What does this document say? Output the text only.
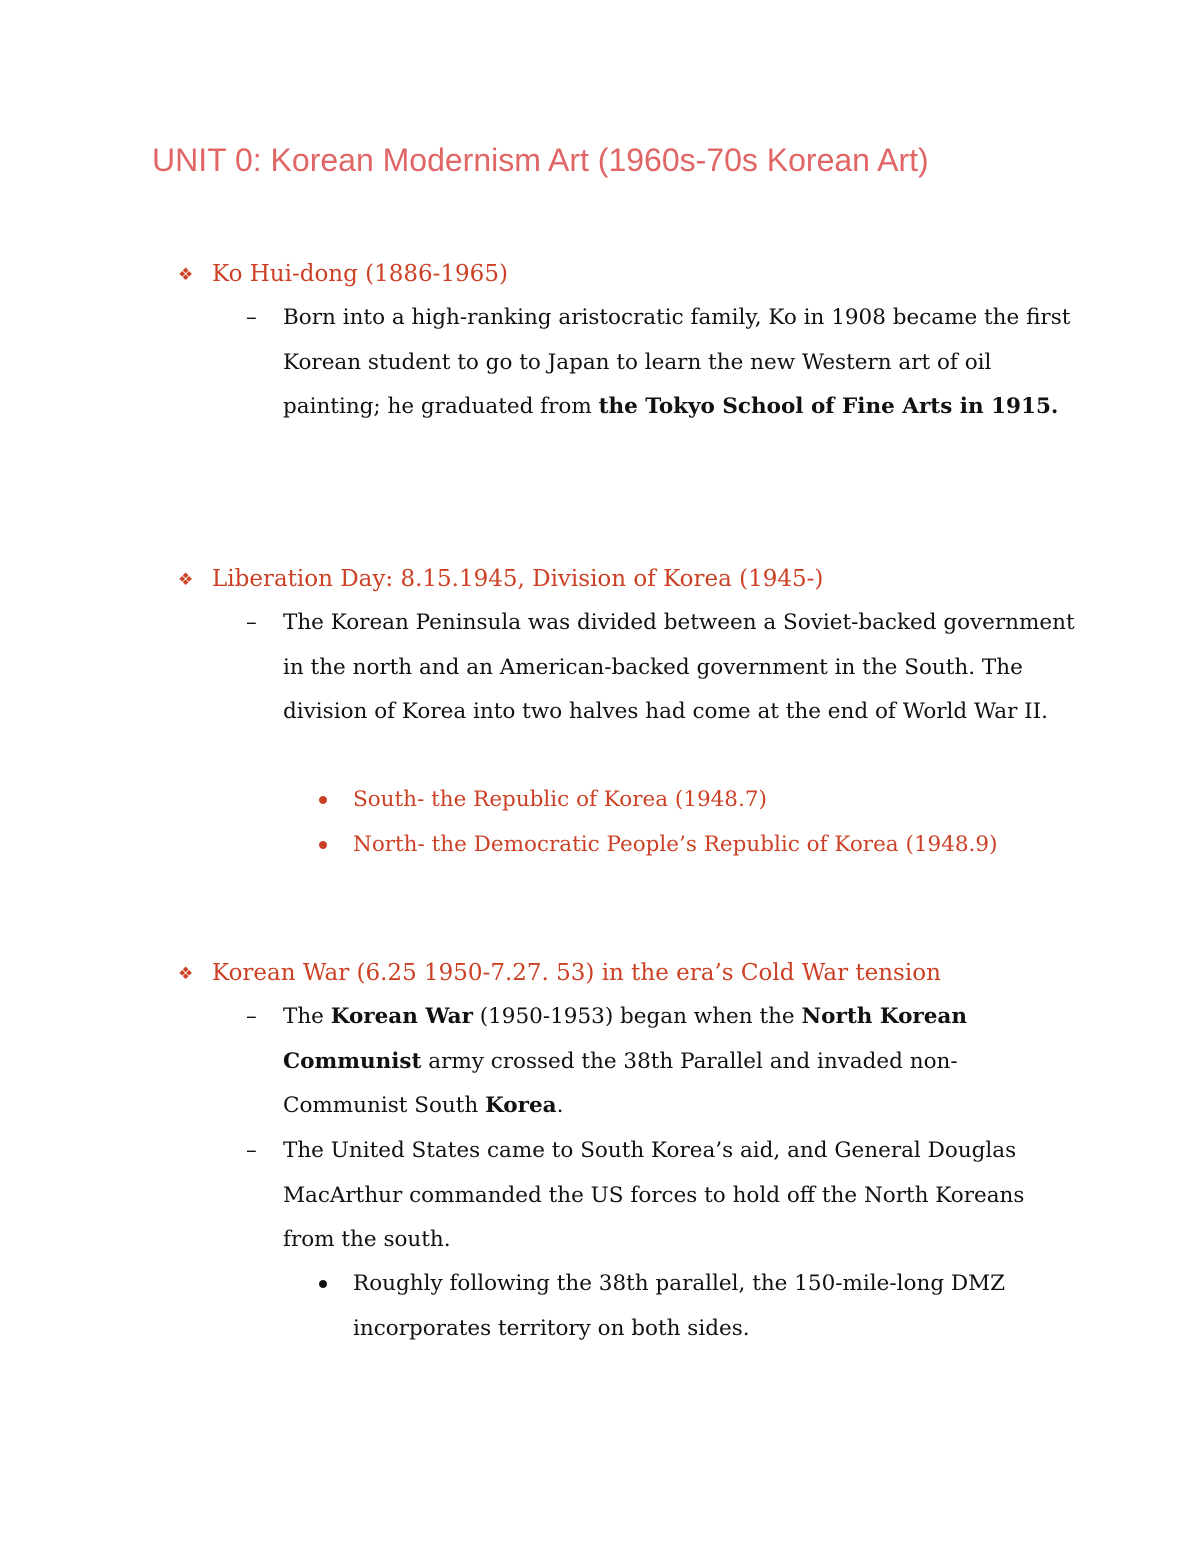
UNIT 0: Korean Modernism Art (1960s-70s Korean Art)

❖ Ko Hui-dong (1886-1965)

– Born into a high-ranking aristocratic family, Ko in 1908 became the first Korean student to go to Japan to learn the new Western art of oil painting; he graduated from the Tokyo School of Fine Arts in 1915.

❖ Liberation Day: 8.15.1945, Division of Korea (1945-)

– The Korean Peninsula was divided between a Soviet-backed government in the north and an American-backed government in the South. The division of Korea into two halves had come at the end of World War II.

South- the Republic of Korea (1948.7)

North- the Democratic People’s Republic of Korea (1948.9)

❖ Korean War (6.25 1950-7.27. 53) in the era’s Cold War tension

– The Korean War (1950-1953) began when the North Korean Communist army crossed the 38th Parallel and invaded non-Communist South Korea.

– The United States came to South Korea’s aid, and General Douglas MacArthur commanded the US forces to hold off the North Koreans from the south.

Roughly following the 38th parallel, the 150-mile-long DMZ incorporates territory on both sides.
